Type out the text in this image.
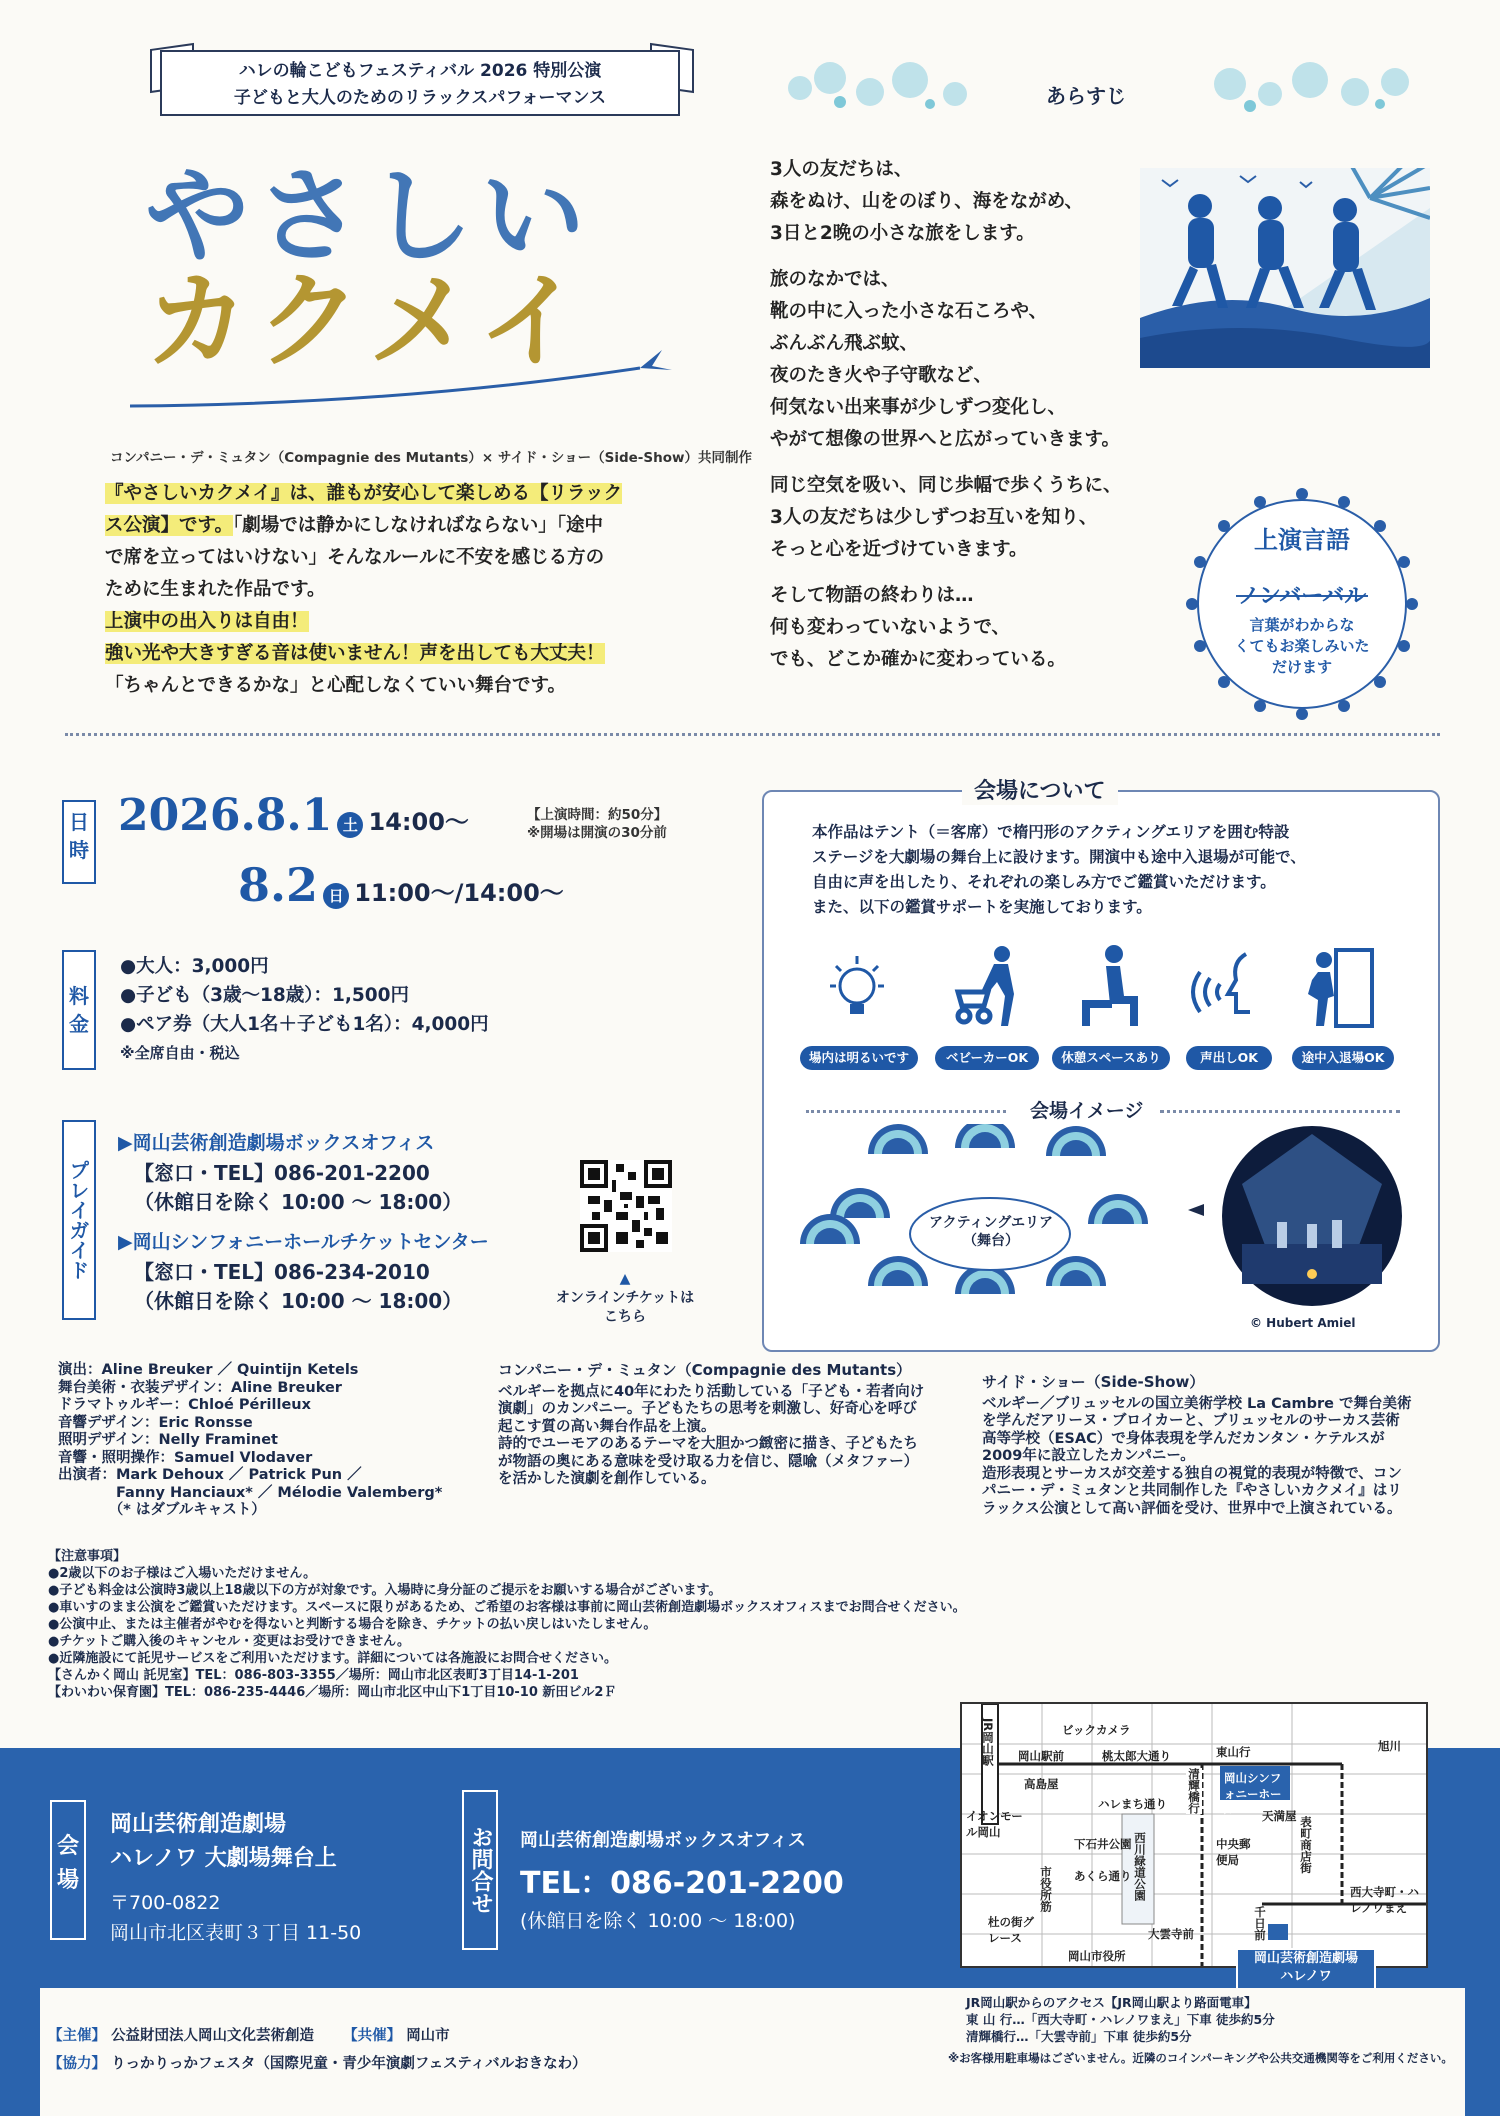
ハレの輪こどもフェスティバル 2026 特別公演
子どもと大人のためのリラックスパフォーマンス
やさしい
カクメイ
コンパニー・デ・ミュタン（Compagnie des Mutants）× サイド・ショー（Side-Show）共同制作
『やさしいカクメイ』は、誰もが安心して楽しめる【リラック
ス公演】です。「劇場では静かにしなければならない」「途中
で席を立ってはいけない」そんなルールに不安を感じる方の
ために生まれた作品です。
上演中の出入りは自由！
強い光や大きすぎる音は使いません！声を出しても大丈夫！
「ちゃんとできるかな」と心配しなくていい舞台です。
あらすじ
3人の友だちは、
森をぬけ、山をのぼり、海をながめ、
3日と2晩の小さな旅をします。
旅のなかでは、
靴の中に入った小さな石ころや、
ぶんぶん飛ぶ蚊、
夜のたき火や子守歌など、
何気ない出来事が少しずつ変化し、
やがて想像の世界へと広がっていきます。
同じ空気を吸い、同じ歩幅で歩くうちに、
3人の友だちは少しずつお互いを知り、
そっと心を近づけていきます。
そして物語の終わりは…
何も変わっていないようで、
でも、どこか確かに変わっている。
上演言語
ノンバーバル
言葉がわからな
くてもお楽しみいた
だけます
日時
2026.8.1 土 14:00～	【上演時間：約50分】
※開場は開演の30分前
8.2 日 11:00～/14:00～
料金
●大人：3,000円
●子ども（3歳～18歳）：1,500円
●ペア券（大人1名＋子ども1名）：4,000円
※全席自由・税込
プレイガイド
▶岡山芸術創造劇場ボックスオフィス
【窓口・TEL】086-201-2200
（休館日を除く 10:00 ～ 18:00）
▶岡山シンフォニーホールチケットセンター
【窓口・TEL】086-234-2010
（休館日を除く 10:00 ～ 18:00）
▲
オンラインチケットは
こちら
会場について
本作品はテント（＝客席）で楕円形のアクティングエリアを囲む特設
ステージを大劇場の舞台上に設けます。開演中も途中入退場が可能で、
自由に声を出したり、それぞれの楽しみ方でご鑑賞いただけます。
また、以下の鑑賞サポートを実施しております。
場内は明るいです	ベビーカーOK	休憩スペースあり	声出しOK	途中入退場OK
会場イメージ
アクティングエリア
（舞台）
© Hubert Amiel
演出：Aline Breuker ／ Quintijn Ketels
舞台美術・衣装デザイン：Aline Breuker
ドラマトゥルギー：Chloé Périlleux
音響デザイン：Eric Ronsse
照明デザイン：Nelly Framinet
音響・照明操作：Samuel Vlodaver
出演者：Mark Dehoux ／ Patrick Pun ／
　　　　Fanny Hanciaux* ／ Mélodie Valemberg*
　　　　（* はダブルキャスト）
コンパニー・デ・ミュタン（Compagnie des Mutants）
ベルギーを拠点に40年にわたり活動している「子ども・若者向け
演劇」のカンパニー。子どもたちの思考を刺激し、好奇心を呼び
起こす質の高い舞台作品を上演。
詩的でユーモアのあるテーマを大胆かつ緻密に描き、子どもたち
が物語の奥にある意味を受け取る力を信じ、隠喩（メタファー）
を活かした演劇を創作している。
サイド・ショー（Side-Show）
ベルギー／ブリュッセルの国立美術学校 La Cambre で舞台美術
を学んだアリーヌ・ブロイカーと、ブリュッセルのサーカス芸術
高等学校（ESAC）で身体表現を学んだカンタン・ケテルスが
2009年に設立したカンパニー。
造形表現とサーカスが交差する独自の視覚的表現が特徴で、コン
パニー・デ・ミュタンと共同制作した『やさしいカクメイ』はリ
ラックス公演として高い評価を受け、世界中で上演されている。
【注意事項】
●2歳以下のお子様はご入場いただけません。
●子ども料金は公演時3歳以上18歳以下の方が対象です。入場時に身分証のご提示をお願いする場合がございます。
●車いすのまま公演をご鑑賞いただけます。スペースに限りがあるため、ご希望のお客様は事前に岡山芸術創造劇場ボックスオフィスまでお問合せください。
●公演中止、または主催者がやむを得ないと判断する場合を除き、チケットの払い戻しはいたしません。
●チケットご購入後のキャンセル・変更はお受けできません。
●近隣施設にて託児サービスをご利用いただけます。詳細については各施設にお問合せください。
【さんかく岡山 託児室】TEL：086-803-3355／場所：岡山市北区表町3丁目14-1-201
【わいわい保育園】TEL：086-235-4446／場所：岡山市北区中山下1丁目10-10 新田ビル2Ｆ
会場
岡山芸術創造劇場
ハレノワ 大劇場舞台上
〒700-0822
岡山市北区表町３丁目 11-50
お問合せ 岡山芸術創造劇場ボックスオフィス
TEL：086-201-2200
(休館日を除く 10:00 ～ 18:00)
JR岡山駅	ビックカメラ
岡山駅前	桃太郎大通り	東山行	旭川
高島屋
ハレまち通り
岡山シンフォニーホール
清輝橋行
天満屋
イオンモール岡山
下石井公園 西川緑道公園	中央郵便局	表町商店街
西大寺町・ハレノワまえ
あくら通り
市役所筋
杜の街グレース	大雲寺前	千日前
岡山市役所	岡山芸術創造劇場
ハレノワ
JR岡山駅からのアクセス【JR岡山駅より路面電車】
東 山 行…「西大寺町・ハレノワまえ」下車 徒歩約5分
清輝橋行…「大雲寺前」下車 徒歩約5分
※お客様用駐車場はございません。近隣のコインパーキングや公共交通機関等をご利用ください。
【主催】 公益財団法人岡山文化芸術創造 【共催】 岡山市
【協力】 りっかりっかフェスタ（国際児童・青少年演劇フェスティバルおきなわ）
